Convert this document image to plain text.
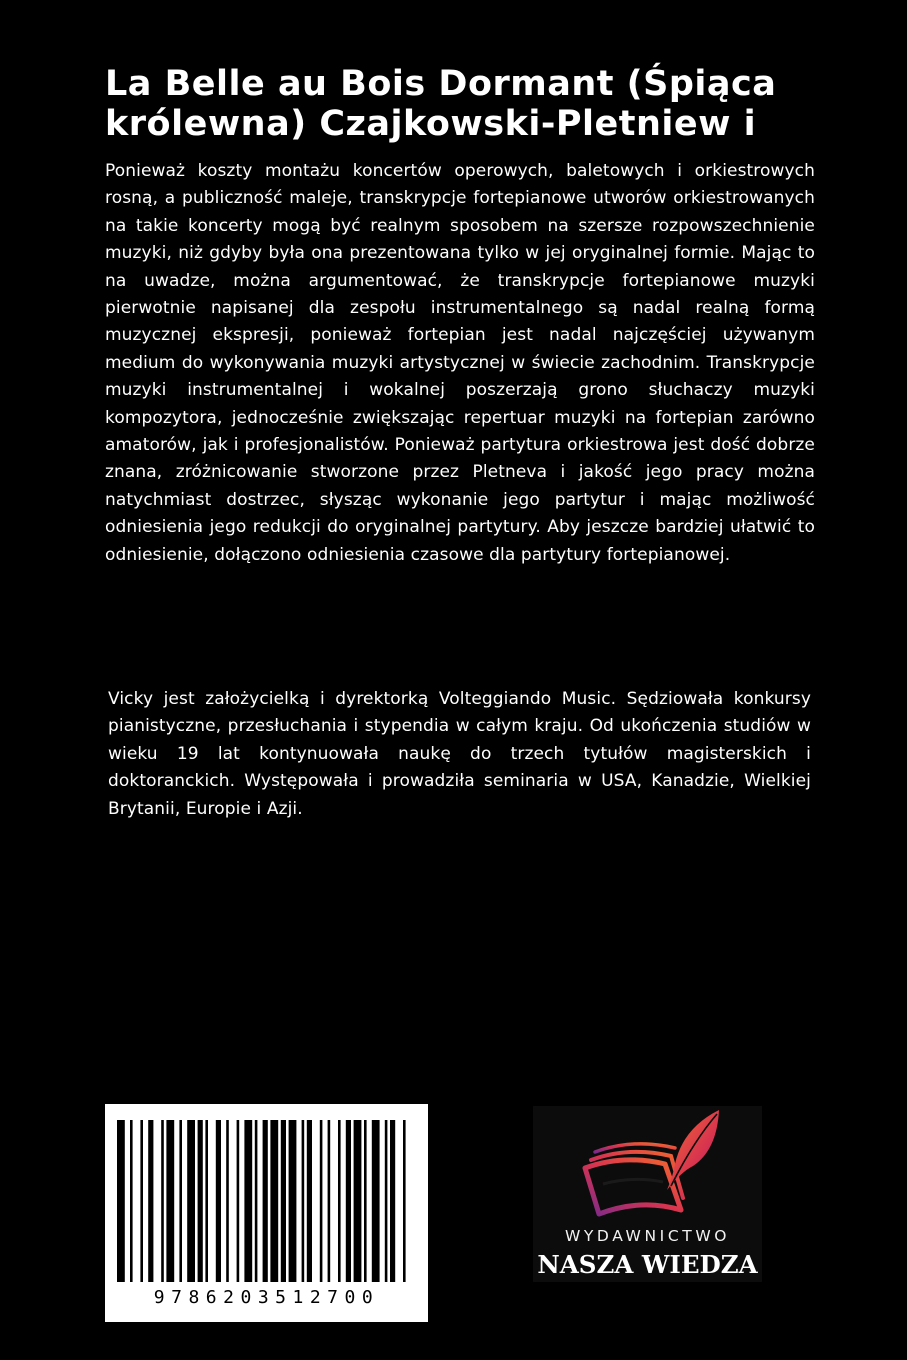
La Belle au Bois Dormant (Śpiąca
królewna) Czajkowski-Pletniew i

Ponieważ koszty montażu koncertów operowych, baletowych i orkiestrowych rosną, a publiczność maleje, transkrypcje fortepianowe utworów orkiestrowanych na takie koncerty mogą być realnym sposobem na szersze rozpowszechnienie muzyki, niż gdyby była ona prezentowana tylko w jej oryginalnej formie. Mając to na uwadze, można argumentować, że transkrypcje fortepianowe muzyki pierwotnie napisanej dla zespołu instrumentalnego są nadal realną formą muzycznej ekspresji, ponieważ fortepian jest nadal najczęściej używanym medium do wykonywania muzyki artystycznej w świecie zachodnim. Transkrypcje muzyki instrumentalnej i wokalnej poszerzają grono słuchaczy muzyki kompozytora, jednocześnie zwiększając repertuar muzyki na fortepian zarówno amatorów, jak i profesjonalistów. Ponieważ partytura orkiestrowa jest dość dobrze znana, zróżnicowanie stworzone przez Pletneva i jakość jego pracy można natychmiast dostrzec, słysząc wykonanie jego partytur i mając możliwość odniesienia jego redukcji do oryginalnej partytury. Aby jeszcze bardziej ułatwić to odniesienie, dołączono odniesienia czasowe dla partytury fortepianowej.

Vicky jest założycielką i dyrektorką Volteggiando Music. Sędziowała konkursy pianistyczne, przesłuchania i stypendia w całym kraju. Od ukończenia studiów w wieku 19 lat kontynuowała naukę do trzech tytułów magisterskich i doktoranckich. Występowała i prowadziła seminaria w USA, Kanadzie, Wielkiej Brytanii, Europie i Azji.

9786203512700
WYDAWNICTWO
NASZA WIEDZA
